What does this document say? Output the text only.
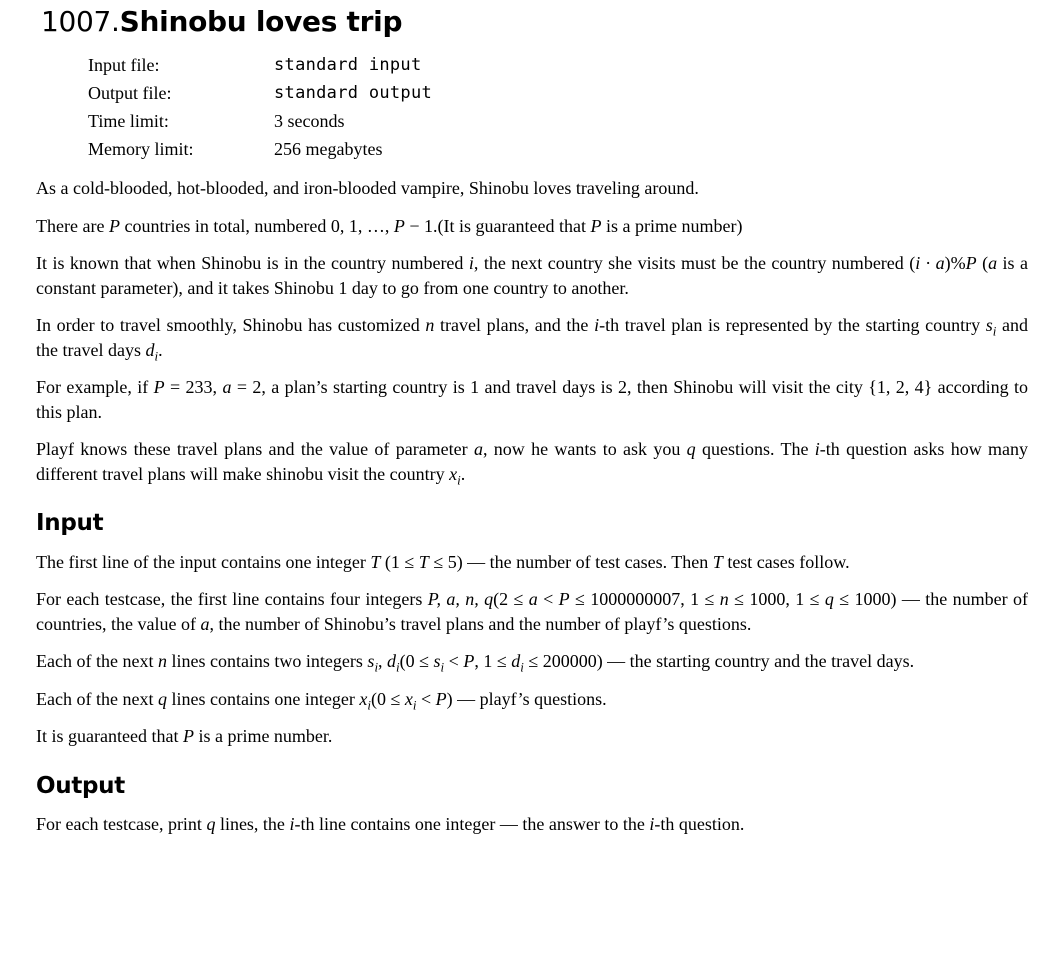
1007.Shinobu loves trip
Input file:	standard input
Output file:	standard output
Time limit:	3 seconds
Memory limit:	256 megabytes

As a cold-blooded, hot-blooded, and iron-blooded vampire, Shinobu loves traveling around.

There are P countries in total, numbered 0, 1, …, P − 1.(It is guaranteed that P is a prime number)

It is known that when Shinobu is in the country numbered i, the next country she visits must be the country numbered (i · a)%P (a is a constant parameter), and it takes Shinobu 1 day to go from one country to another.

In order to travel smoothly, Shinobu has customized n travel plans, and the i-th travel plan is represented by the starting country $s_i$ and the travel days $d_i$.

For example, if P = 233, a = 2, a plan’s starting country is 1 and travel days is 2, then Shinobu will visit the city {1, 2, 4} according to this plan.

Playf knows these travel plans and the value of parameter a, now he wants to ask you q questions. The i-th question asks how many different travel plans will make shinobu visit the country $x_i$.

Input

The first line of the input contains one integer T (1 ≤ T ≤ 5) — the number of test cases. Then T test cases follow.

For each testcase, the first line contains four integers P, a, n, q(2 ≤ a < P ≤ 1000000007, 1 ≤ n ≤ 1000, 1 ≤ q ≤ 1000) — the number of countries, the value of a, the number of Shinobu’s travel plans and the number of playf’s questions.

Each of the next n lines contains two integers $s_i$, $d_i(0 \le s_i < P$, $1 \le d_i \le 200000$) — the starting country and the travel days.

Each of the next q lines contains one integer $x_i(0 \le x_i < P)$ — playf’s questions.

It is guaranteed that P is a prime number.

Output

For each testcase, print q lines, the i-th line contains one integer — the answer to the i-th question.
